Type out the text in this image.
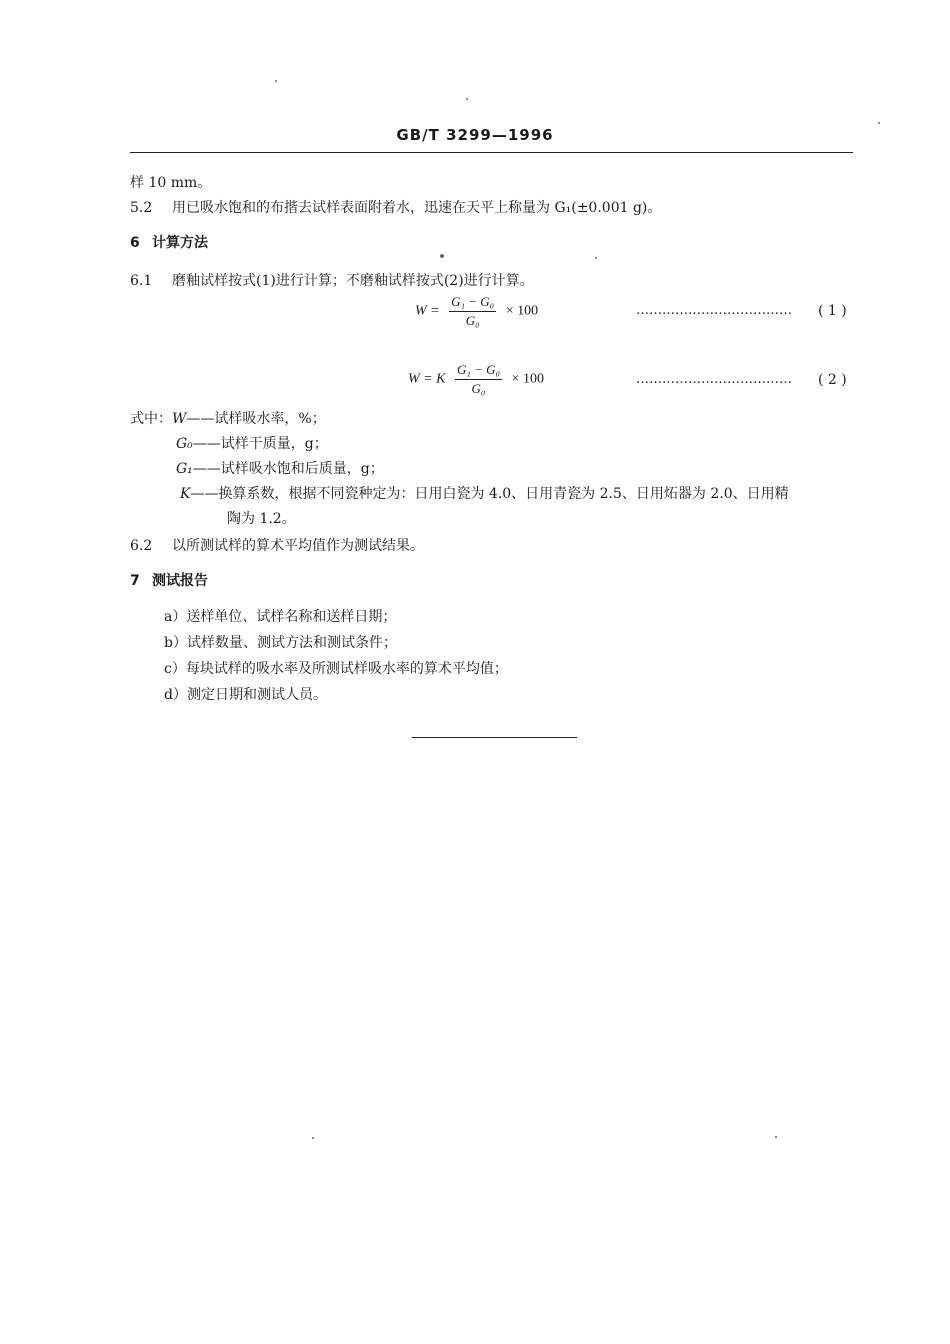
GB/T 3299—1996
样 10 mm。
5.2 用已吸水饱和的布揩去试样表面附着水，迅速在天平上称量为 G₁(±0.001 g)。
6 计算方法
6.1 磨釉试样按式(1)进行计算；不磨釉试样按式(2)进行计算。
$W = \frac{\text{G₁ − G₀}}{\text{G₀}} \times 100$	……………………………… ( 1 )
W = K $\frac{\text{G₁ − G₀}}{\text{G₀}} \times 100$	……………………………… ( 2 )
式中：W——试样吸水率，%；
G₀——试样干质量，g；
G₁——试样吸水饱和后质量，g；
K——换算系数，根据不同瓷种定为：日用白瓷为 4.0、日用青瓷为 2.5、日用炻器为 2.0、日用精
陶为 1.2。
6.2 以所测试样的算术平均值作为测试结果。
7 测试报告
a）送样单位、试样名称和送样日期；
b）试样数量、测试方法和测试条件；
c）每块试样的吸水率及所测试样吸水率的算术平均值；
d）测定日期和测试人员。
